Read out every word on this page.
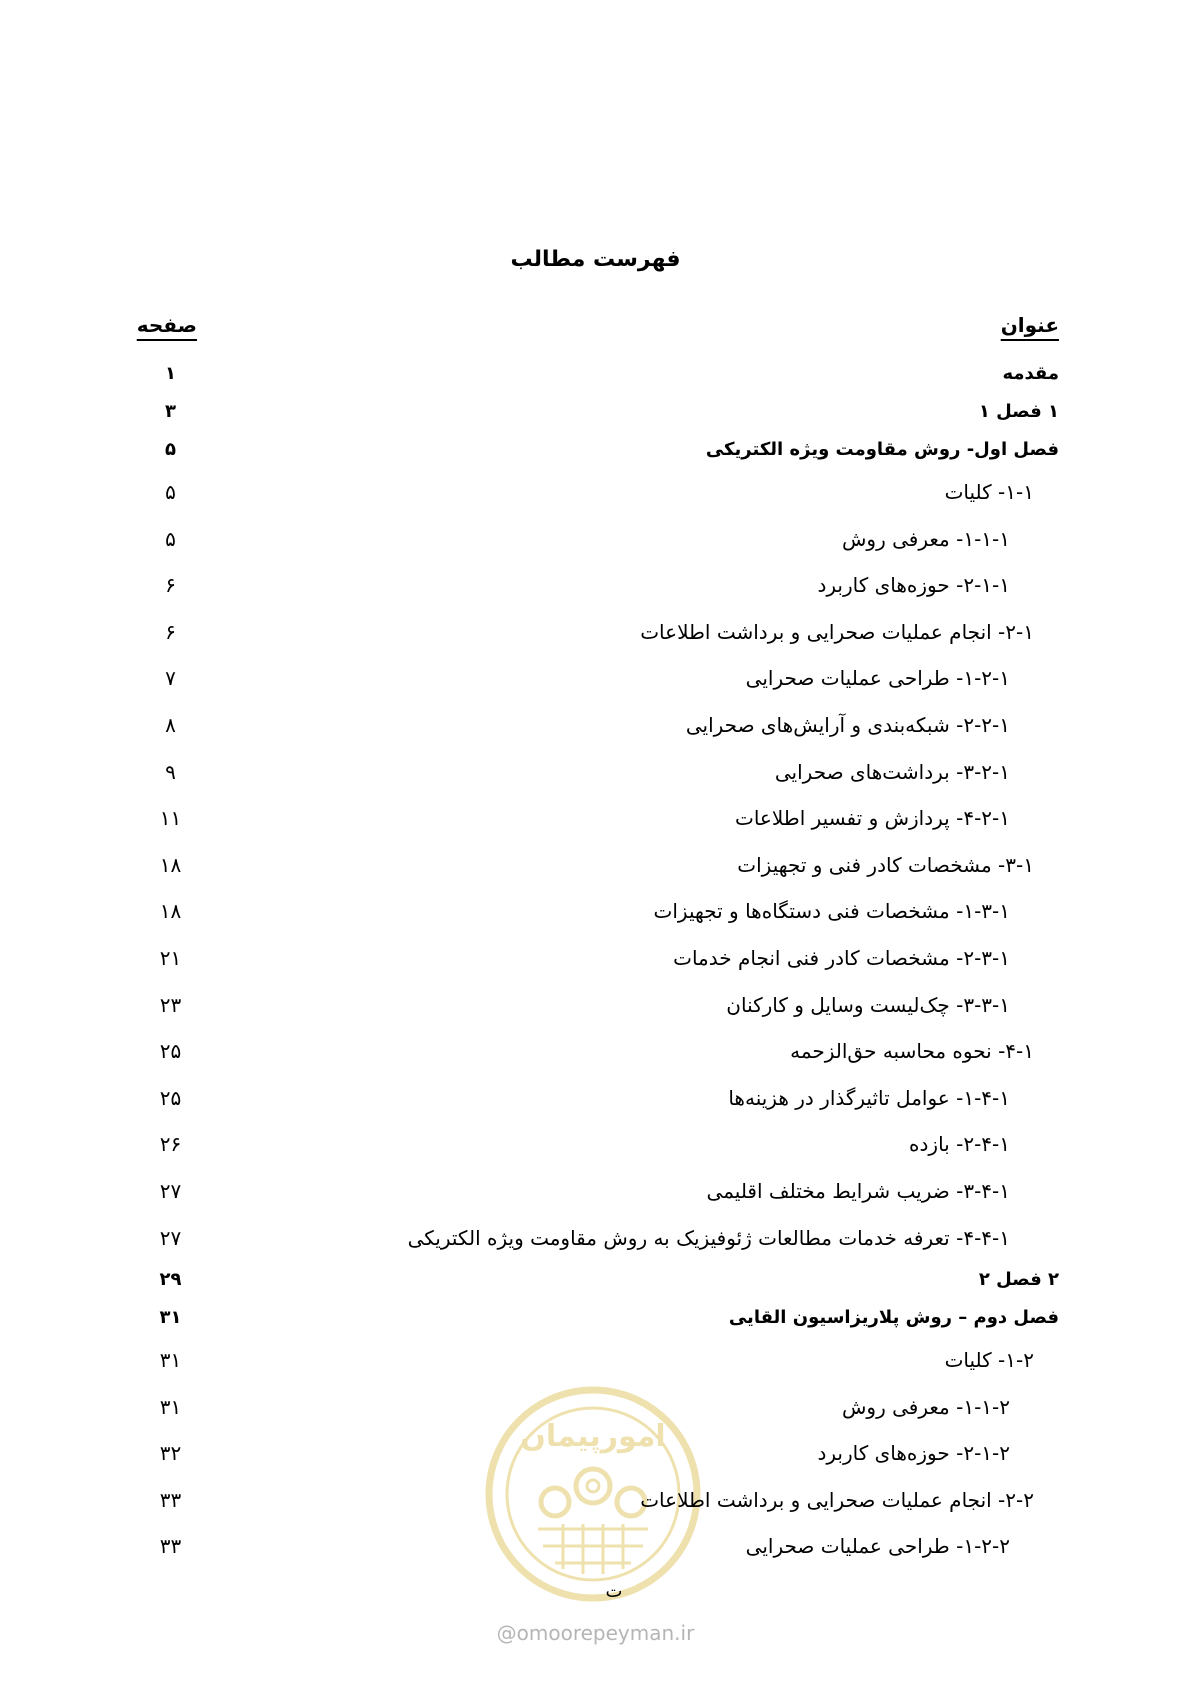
فهرست مطالب
عنوان
صفحه
امورپیمان
مقدمه
۱
۱ فصل ۱
۳
فصل اول- روش مقاومت ویژه الکتریکی
۵
۱‏-۱‏- کلیات
۵
۱‏-۱‏-۱‏- معرفی روش
۵
۱‏-۱‏-۲‏- حوزه‌های کاربرد
۶
۱‏-۲‏- انجام عملیات صحرایی و برداشت اطلاعات
۶
۱‏-۲‏-۱‏- طراحی عملیات صحرایی
۷
۱‏-۲‏-۲‏- شبکه‌بندی و آرایش‌های صحرایی
۸
۱‏-۲‏-۳‏- برداشت‌های صحرایی
۹
۱‏-۲‏-۴‏- پردازش و تفسیر اطلاعات
۱۱
۱‏-۳‏- مشخصات کادر فنی و تجهیزات
۱۸
۱‏-۳‏-۱‏- مشخصات فنی دستگاه‌ها و تجهیزات
۱۸
۱‏-۳‏-۲‏- مشخصات کادر فنی انجام خدمات
۲۱
۱‏-۳‏-۳‏- چک‌لیست وسایل و کارکنان
۲۳
۱‏-۴‏- نحوه محاسبه حق‌الزحمه
۲۵
۱‏-۴‏-۱‏- عوامل تاثیرگذار در هزینه‌ها
۲۵
۱‏-۴‏-۲‏- بازده
۲۶
۱‏-۴‏-۳‏- ضریب شرایط مختلف اقلیمی
۲۷
۱‏-۴‏-۴‏- تعرفه خدمات مطالعات ژئوفیزیک به روش مقاومت ویژه الکتریکی
۲۷
۲ فصل ۲
۲۹
فصل دوم – روش پلاریزاسیون القایی
۳۱
۲‏-۱‏- کلیات
۳۱
۲‏-۱‏-۱‏- معرفی روش
۳۱
۲‏-۱‏-۲‏- حوزه‌های کاربرد
۳۲
۲‏-۲‏- انجام عملیات صحرایی و برداشت اطلاعات
۳۳
۲‏-۲‏-۱‏- طراحی عملیات صحرایی
۳۳
ت
@omoorepeyman.ir
